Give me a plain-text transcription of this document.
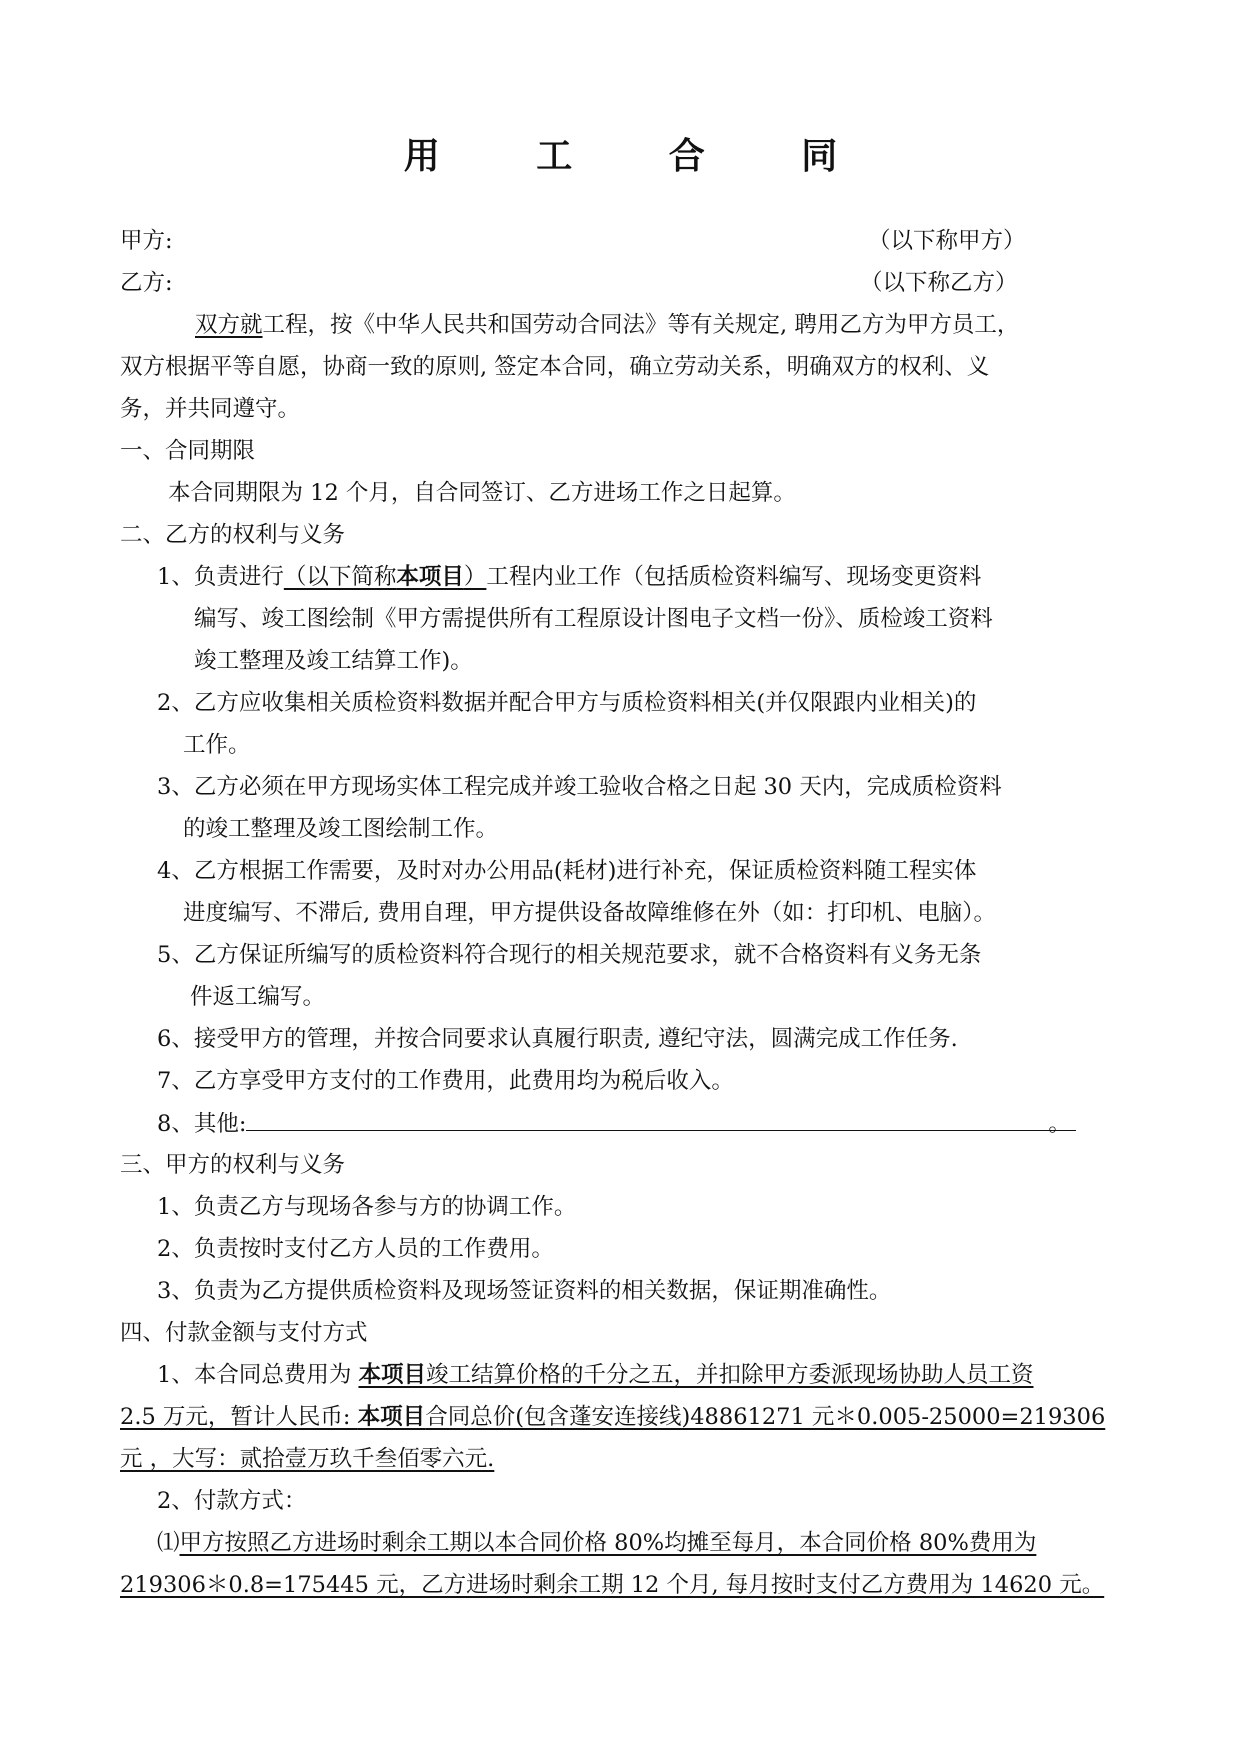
用 工 合 同
甲方:	（以下称甲方）
乙方:	（以下称乙方）
双方就工程，按《中华人民共和国劳动合同法》等有关规定, 聘用乙方为甲方员工，
双方根据平等自愿，协商一致的原则, 签定本合同，确立劳动关系，明确双方的权利、义
务，并共同遵守。
一、合同期限
本合同期限为 12 个月，自合同签订、乙方进场工作之日起算。
二、乙方的权利与义务
1、负责进行（以下简称本项目）工程内业工作（包括质检资料编写、现场变更资料
编写、竣工图绘制《甲方需提供所有工程原设计图电子文档一份》、质检竣工资料
竣工整理及竣工结算工作)。
2、乙方应收集相关质检资料数据并配合甲方与质检资料相关(并仅限跟内业相关)的
工作。
3、乙方必须在甲方现场实体工程完成并竣工验收合格之日起 30 天内，完成质检资料
的竣工整理及竣工图绘制工作。
4、乙方根据工作需要，及时对办公用品(耗材)进行补充，保证质检资料随工程实体
进度编写、不滞后, 费用自理，甲方提供设备故障维修在外（如：打印机、电脑）。
5、乙方保证所编写的质检资料符合现行的相关规范要求，就不合格资料有义务无条
件返工编写。
6、接受甲方的管理，并按合同要求认真履行职责, 遵纪守法，圆满完成工作任务.
7、乙方享受甲方支付的工作费用，此费用均为税后收入。
8、其他:	。
三、甲方的权利与义务
1、负责乙方与现场各参与方的协调工作。
2、负责按时支付乙方人员的工作费用。
3、负责为乙方提供质检资料及现场签证资料的相关数据，保证期准确性。
四、付款金额与支付方式
1、本合同总费用为 本项目竣工结算价格的千分之五，并扣除甲方委派现场协助人员工资
2.5 万元，暂计人民币: 本项目合同总价(包含蓬安连接线)48861271 元＊0.005-25000=219306
元 ，大写：贰拾壹万玖千叁佰零六元.
2、付款方式：
⑴甲方按照乙方进场时剩余工期以本合同价格 80%均摊至每月，本合同价格 80%费用为
219306＊0.8=175445 元，乙方进场时剩余工期 12 个月, 每月按时支付乙方费用为 14620 元。
